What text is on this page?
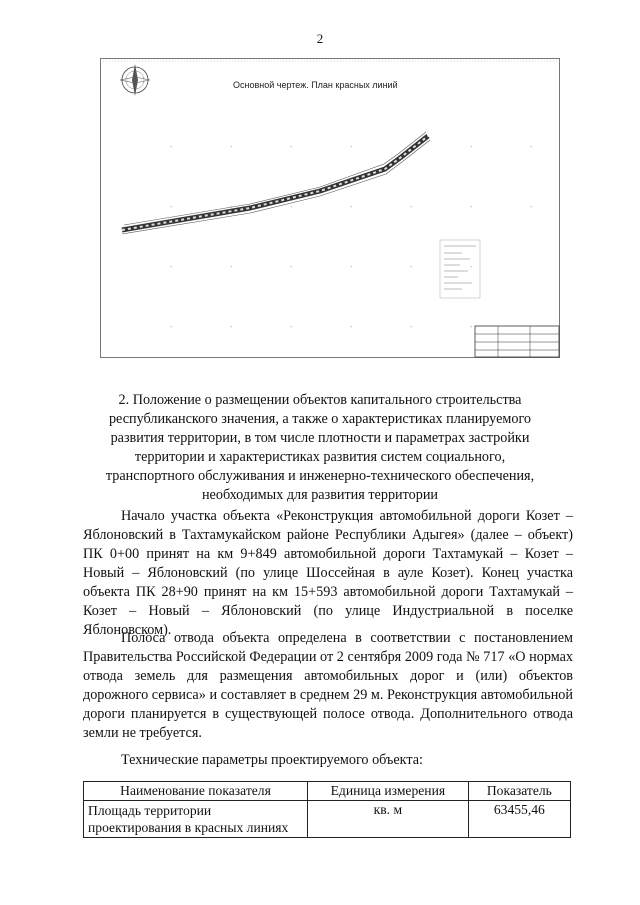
2
Основной чертеж. План красных линий
+	+	+	+	+	+	+
+	+	+	+	+	+	+
+	+	+	+	+	+
+	+	+	+	+	+
2. Положение о размещении объектов капитального строительства
республиканского значения, а также о характеристиках планируемого
развития территории, в том числе плотности и параметрах застройки
территории и характеристиках развития систем социального,
транспортного обслуживания и инженерно-технического обеспечения,
необходимых для развития территории

Начало участка объекта «Реконструкция автомобильной дороги Козет – Яблоновский в Тахтамукайском районе Республики Адыгея» (далее – объект) ПК 0+00 принят на км 9+849 автомобильной дороги Тахтамукай – Козет – Новый – Яблоновский (по улице Шоссейная в ауле Козет). Конец участка объекта ПК 28+90 принят на км 15+593 автомобильной дороги Тахтамукай – Козет – Новый – Яблоновский (по улице Индустриальной в поселке Яблоновском).

Полоса отвода объекта определена в соответствии с постановлением Правительства Российской Федерации от 2 сентября 2009 года № 717 «О нормах отвода земель для размещения автомобильных дорог и (или) объектов дорожного сервиса» и составляет в среднем 29 м. Реконструкция автомобильной дороги планируется в существующей полосе отвода. Дополнительного отвода земли не требуется.

Технические параметры проектируемого объекта:
Наименование показателя	Единица измерения	Показатель
Площадь территории проектирования в красных линиях	кв. м	63455,46
